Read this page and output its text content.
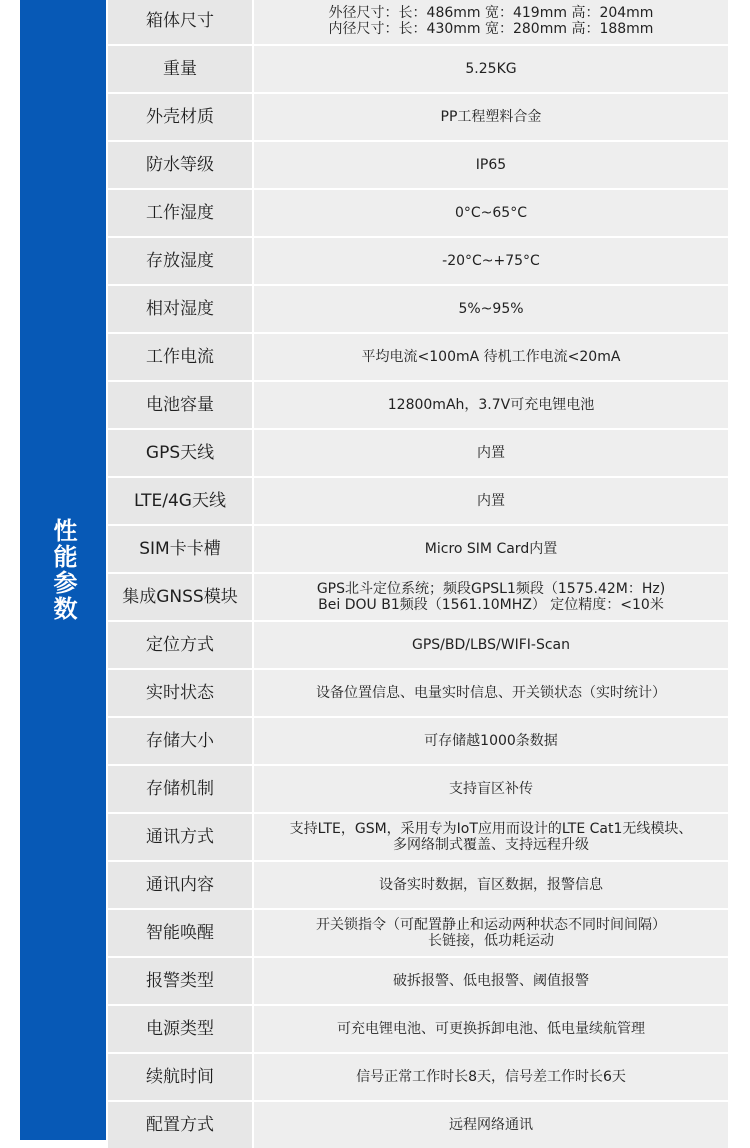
性能参数
箱体尺寸	外径尺寸：长：486mm 宽：419mm 高：204mm
内径尺寸：长：430mm 宽：280mm 高：188mm
重量	5.25KG
外壳材质	PP工程塑料合金
防水等级	IP65
工作湿度	0°C~65°C
存放湿度	-20°C~+75°C
相对湿度	5%~95%
工作电流	平均电流<100mA 待机工作电流<20mA
电池容量	12800mAh，3.7V可充电锂电池
GPS天线	内置
LTE/4G天线	内置
SIM卡卡槽	Micro SIM Card内置
集成GNSS模块	GPS北斗定位系统；频段GPSL1频段（1575.42M：Hz)
Bei DOU B1频段（1561.10MHZ） 定位精度：<10米
定位方式	GPS/BD/LBS/WIFI-Scan
实时状态	设备位置信息、电量实时信息、开关锁状态（实时统计）
存储大小	可存储越1000条数据
存储机制	支持盲区补传
通讯方式	支持LTE，GSM，采用专为IoT应用而设计的LTE Cat1无线模块、
多网络制式覆盖、支持远程升级
通讯内容	设备实时数据，盲区数据，报警信息
智能唤醒	开关锁指令（可配置静止和运动两种状态不同时间间隔）
长链接，低功耗运动
报警类型	破拆报警、低电报警、阈值报警
电源类型	可充电锂电池、可更换拆卸电池、低电量续航管理
续航时间	信号正常工作时长8天，信号差工作时长6天
配置方式	远程网络通讯
